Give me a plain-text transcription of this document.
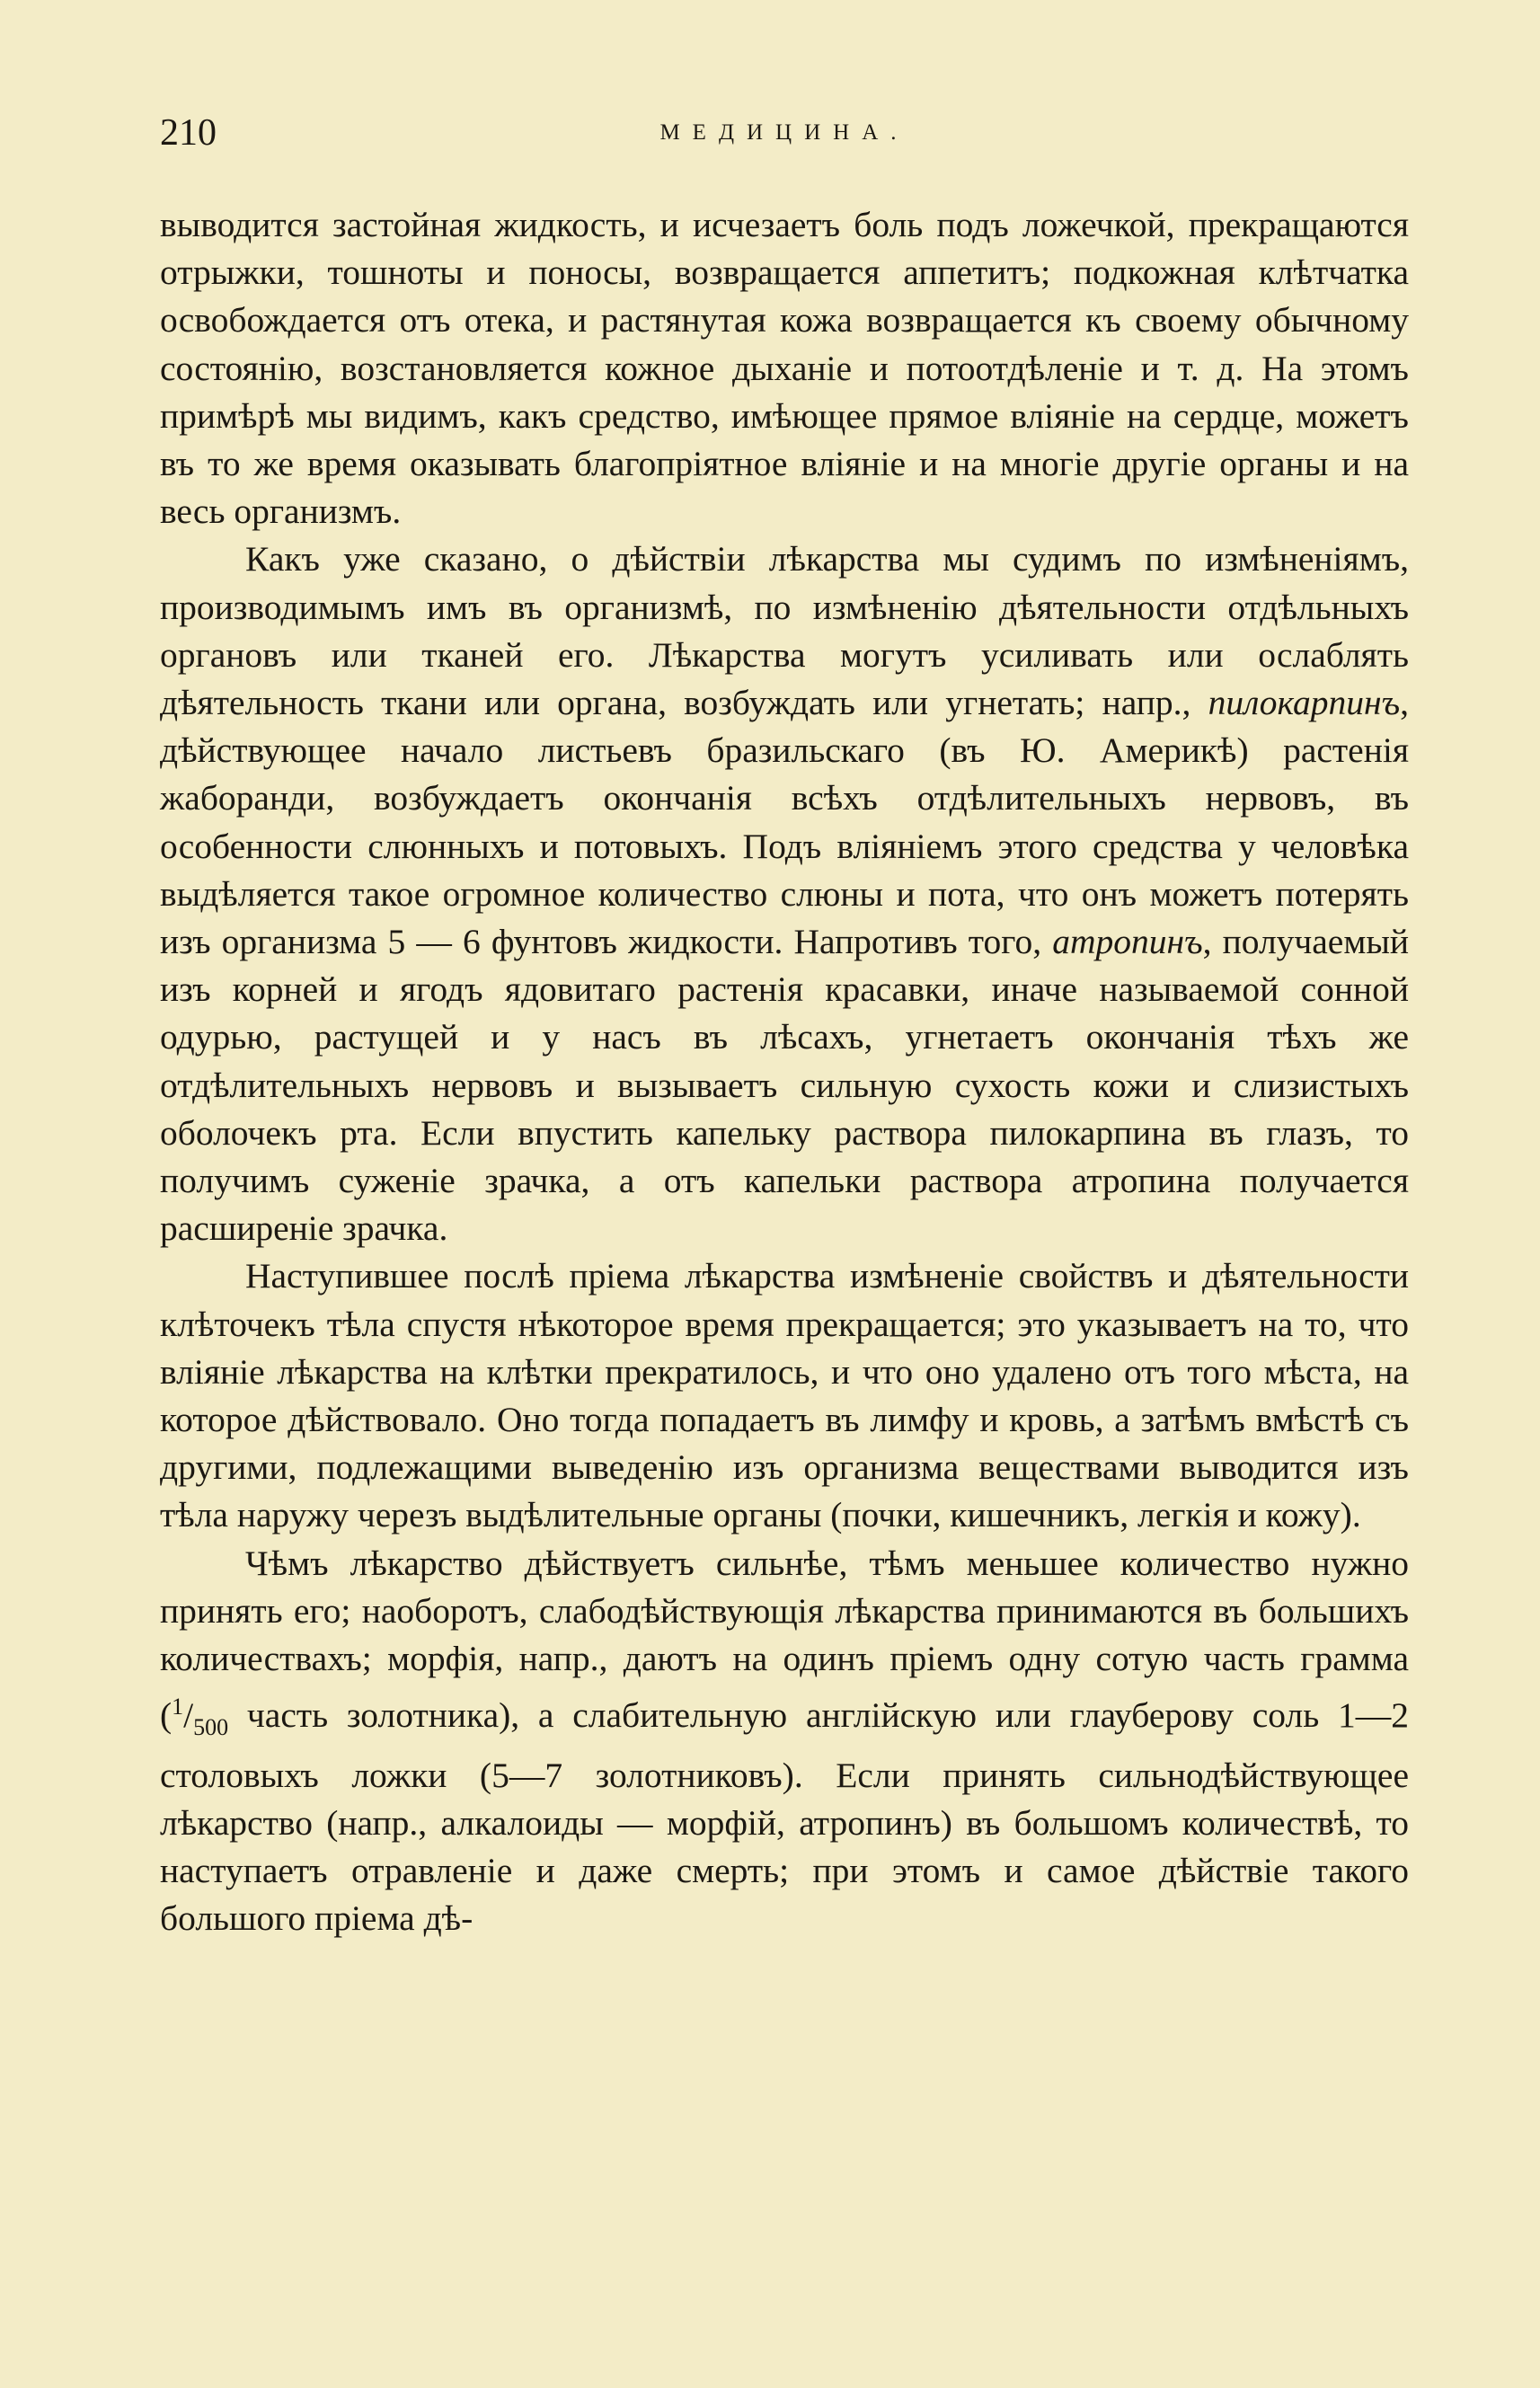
210	МЕДИЦИНА.

выводится застойная жидкость, и исчезаетъ боль подъ ложечкой, прекращаются отрыжки, тошноты и поносы, возвращается аппетитъ; подкожная клѣтчатка освобождается отъ отека, и растянутая кожа возвращается къ своему обычному состоянію, возстановляется кожное дыханіе и потоотдѣленіе и т. д. На этомъ примѣрѣ мы видимъ, какъ средство, имѣющее прямое вліяніе на сердце, можетъ въ то же время оказывать благопріятное вліяніе и на многіе другіе органы и на весь организмъ.

Какъ уже сказано, о дѣйствіи лѣкарства мы судимъ по измѣненіямъ, производимымъ имъ въ организмѣ, по измѣненію дѣятельности отдѣльныхъ органовъ или тканей его. Лѣкарства могутъ усиливать или ослаблять дѣятельность ткани или органа, возбуждать или угнетать; напр., пилокарпинъ, дѣйствующее начало листьевъ бразильскаго (въ Ю. Америкѣ) растенія жаборанди, возбуждаетъ окончанія всѣхъ отдѣлительныхъ нервовъ, въ особенности слюнныхъ и потовыхъ. Подъ вліяніемъ этого средства у человѣка выдѣляется такое огромное количество слюны и пота, что онъ можетъ потерять изъ организма 5 — 6 фунтовъ жидкости. Напротивъ того, атропинъ, получаемый изъ корней и ягодъ ядовитаго растенія красавки, иначе называемой сонной одурью, растущей и у насъ въ лѣсахъ, угнетаетъ окончанія тѣхъ же отдѣлительныхъ нервовъ и вызываетъ сильную сухость кожи и слизистыхъ оболочекъ рта. Если впустить капельку раствора пилокарпина въ глазъ, то получимъ суженіе зрачка, а отъ капельки раствора атропина получается расширеніе зрачка.

Наступившее послѣ пріема лѣкарства измѣненіе свойствъ и дѣятельности клѣточекъ тѣла спустя нѣкоторое время прекращается; это указываетъ на то, что вліяніе лѣкарства на клѣтки прекратилось, и что оно удалено отъ того мѣста, на которое дѣйствовало. Оно тогда попадаетъ въ лимфу и кровь, а затѣмъ вмѣстѣ съ другими, подлежащими выведенію изъ организма веществами выводится изъ тѣла наружу черезъ выдѣлительные органы (почки, кишечникъ, легкія и кожу).

Чѣмъ лѣкарство дѣйствуетъ сильнѣе, тѣмъ меньшее количество нужно принять его; наоборотъ, слабодѣйствующія лѣкарства принимаются въ большихъ количествахъ; морфія, напр., даютъ на одинъ пріемъ одну сотую часть грамма ($^1/_{500}$ часть золотника), а слабительную англійскую или глауберову соль 1—2 столовыхъ ложки (5—7 золотниковъ). Если принять сильнодѣйствующее лѣкарство (напр., алкалоиды — морфій, атропинъ) въ большомъ количествѣ, то наступаетъ отравленіе и даже смерть; при этомъ и самое дѣйствіе такого большого пріема дѣ-
